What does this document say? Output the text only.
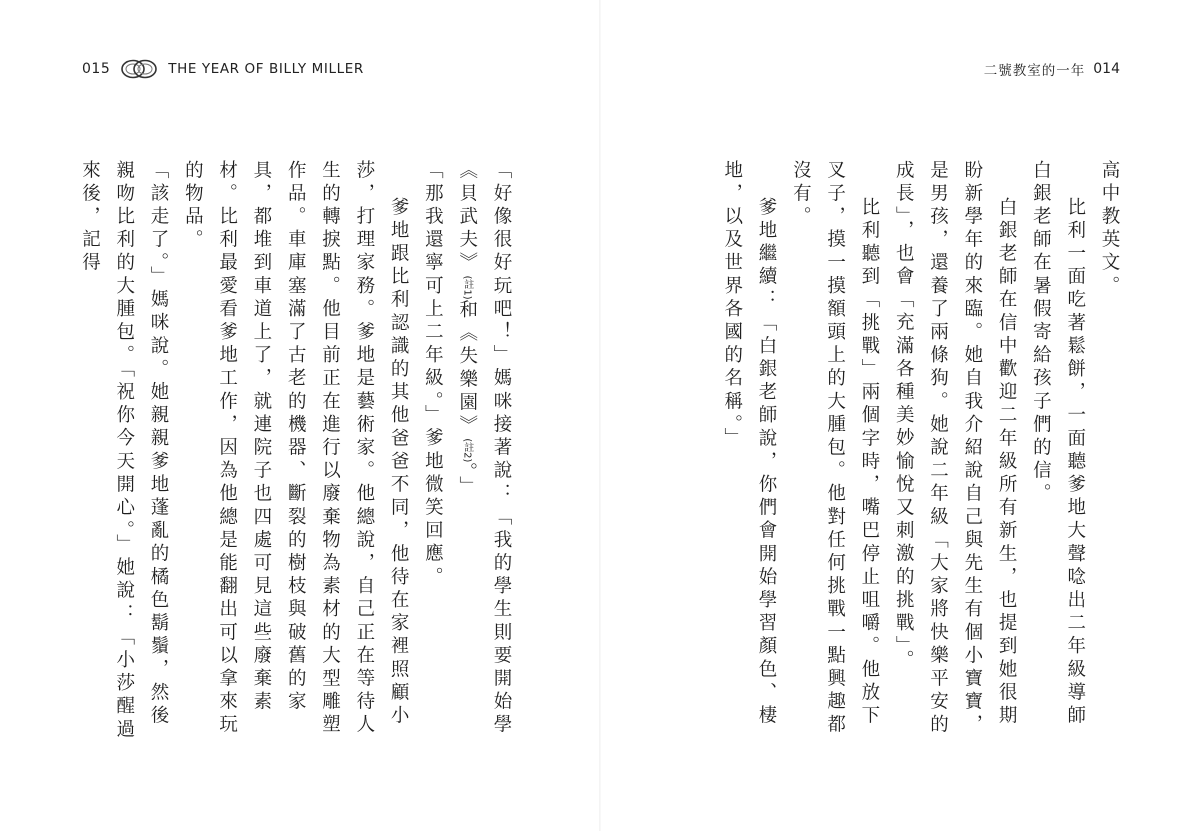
015	THE YEAR OF BILLY MILLER	二號教室的一年 014

高中教英文。

比利一面吃著鬆餅，一面聽爹地大聲唸出二年級導師白銀老師在暑假寄給孩子們的信。

白銀老師在信中歡迎二年級所有新生，也提到她很期盼新學年的來臨。她自我介紹說自己與先生有個小寶寶，是男孩，還養了兩條狗。她說二年級「大家將快樂平安的成長」，也會「充滿各種美妙愉悅又刺激的挑戰」。

比利聽到「挑戰」兩個字時，嘴巴停止咀嚼。他放下叉子，摸一摸額頭上的大腫包。他對任何挑戰一點興趣都沒有。

爹地繼續：「白銀老師說，你們會開始學習顏色、棲地，以及世界各國的名稱。」

「好像很好玩吧！」媽咪接著說：「我的學生則要開始學《貝武夫》(註1)和《失樂園》(註2)。」

「那我還寧可上二年級。」爹地微笑回應。

爹地跟比利認識的其他爸爸不同，他待在家裡照顧小莎，打理家務。爹地是藝術家。他總說，自己正在等待人生的轉捩點。他目前正在進行以廢棄物為素材的大型雕塑作品。車庫塞滿了古老的機器、斷裂的樹枝與破舊的家具，都堆到車道上了，就連院子也四處可見這些廢棄素材。比利最愛看爹地工作，因為他總是能翻出可以拿來玩的物品。

「該走了。」媽咪說。她親親爹地蓬亂的橘色鬍鬚，然後親吻比利的大腫包。「祝你今天開心。」她說：「小莎醒過來後，記得
